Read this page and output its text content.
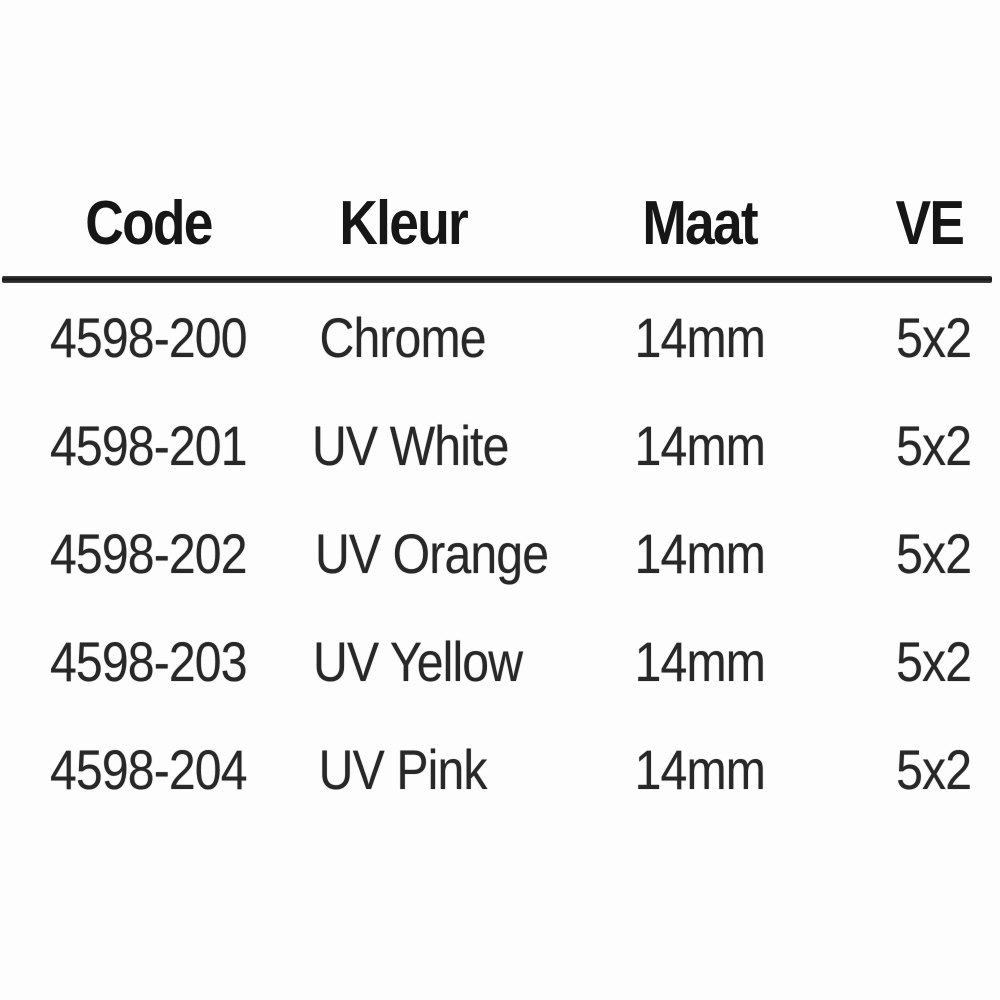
Code	Kleur	Maat	VE
4598-200	Chrome	14mm	5x2
4598-201	UV White	14mm	5x2
4598-202	UV Orange	14mm	5x2
4598-203	UV Yellow	14mm	5x2
4598-204	UV Pink	14mm	5x2
